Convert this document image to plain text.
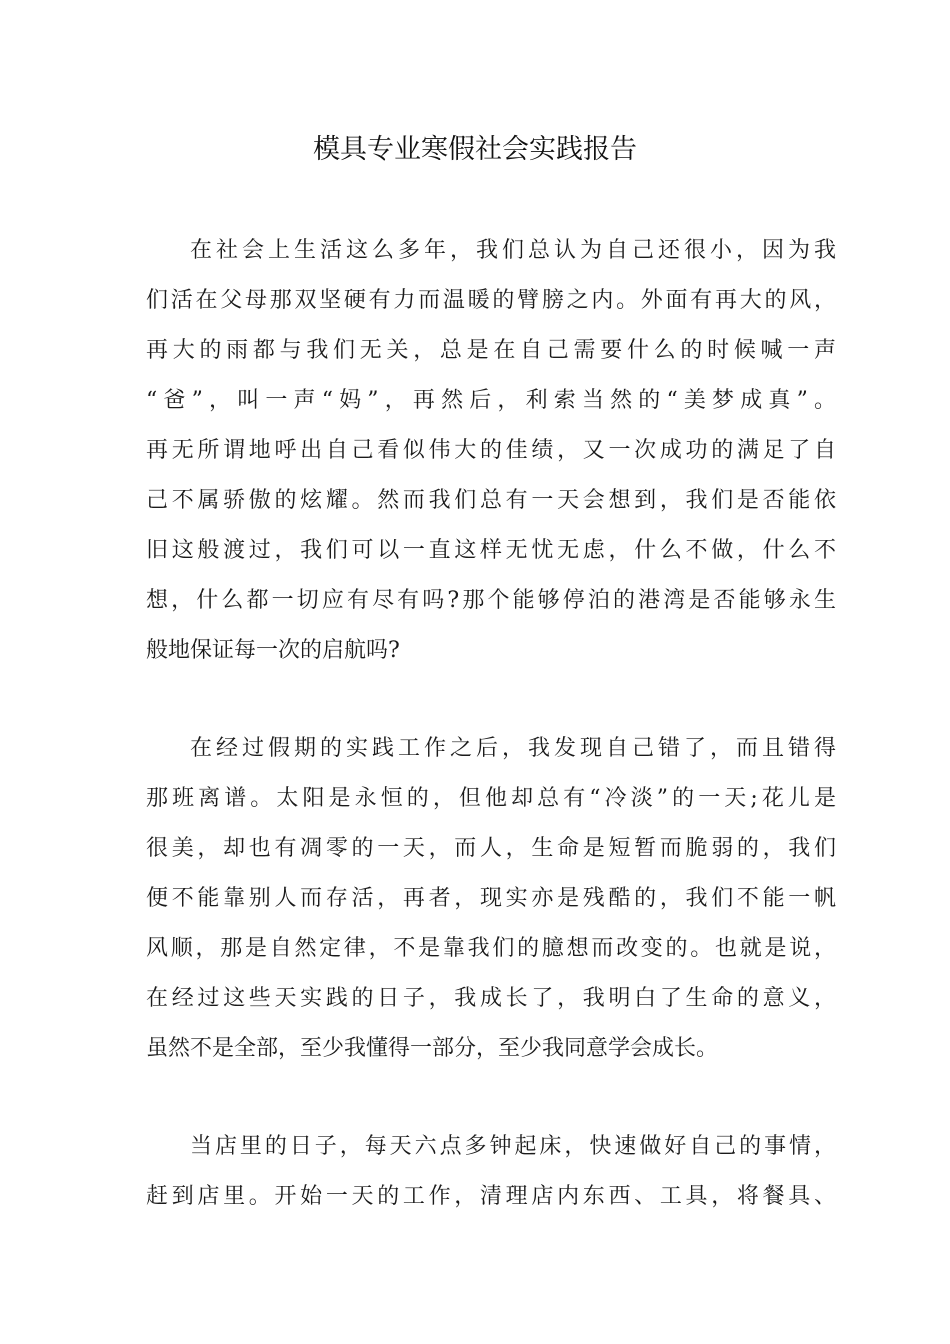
模具专业寒假社会实践报告
在社会上生活这么多年，我们总认为自己还很小，因为我
们活在父母那双坚硬有力而温暖的臂膀之内。外面有再大的风，
再大的雨都与我们无关，总是在自己需要什么的时候喊一声
“爸”，叫一声“妈”，再然后，利索当然的“美梦成真”。
再无所谓地呼出自己看似伟大的佳绩，又一次成功的满足了自
己不属骄傲的炫耀。然而我们总有一天会想到，我们是否能依
旧这般渡过，我们可以一直这样无忧无虑，什么不做，什么不
想，什么都一切应有尽有吗?那个能够停泊的港湾是否能够永生
般地保证每一次的启航吗?
在经过假期的实践工作之后，我发现自己错了，而且错得
那班离谱。太阳是永恒的，但他却总有“冷淡”的一天;花儿是
很美，却也有凋零的一天，而人，生命是短暂而脆弱的，我们
便不能靠别人而存活，再者，现实亦是残酷的，我们不能一帆
风顺，那是自然定律，不是靠我们的臆想而改变的。也就是说，
在经过这些天实践的日子，我成长了，我明白了生命的意义，
虽然不是全部，至少我懂得一部分，至少我同意学会成长。
当店里的日子，每天六点多钟起床，快速做好自己的事情，
赶到店里。开始一天的工作，清理店内东西、工具，将餐具、
